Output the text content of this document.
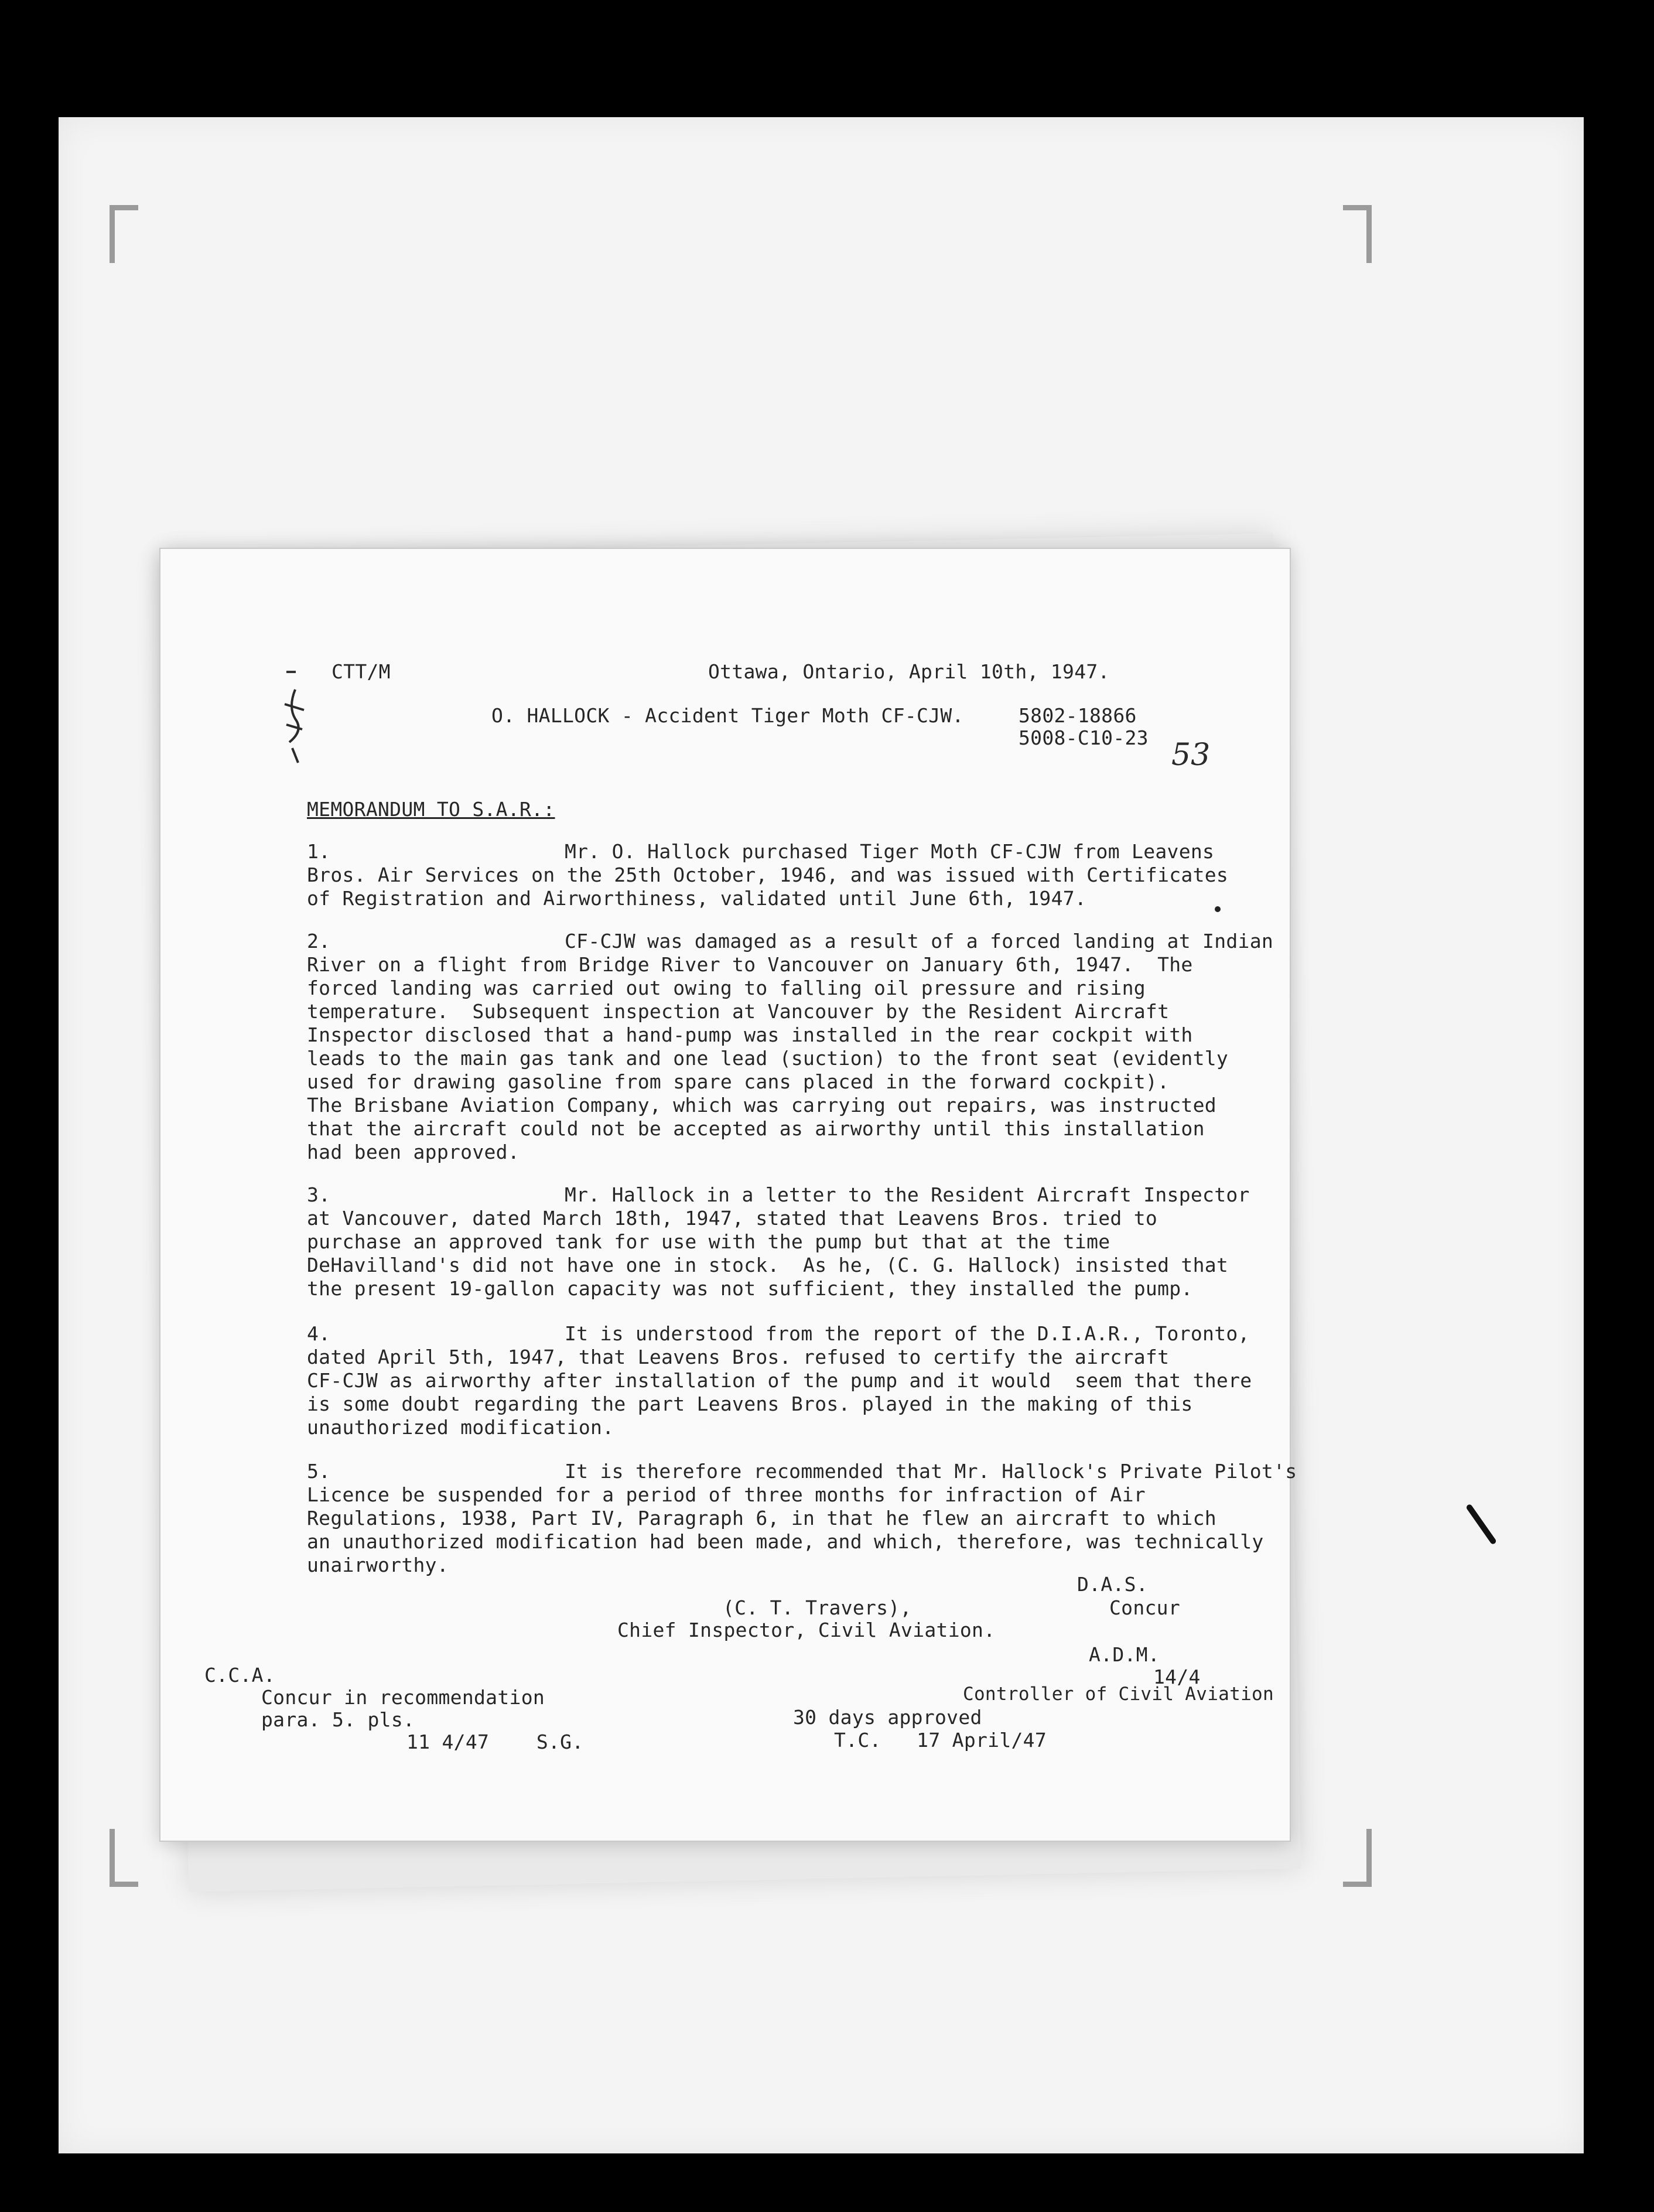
CTT/M	Ottawa, Ontario, April 10th, 1947.

O. HALLOCK - Accident Tiger Moth CF-CJW.	5802-18866

5008-C10-23 53

MEMORANDUM TO S.A.R.:

1.	Mr. O. Hallock purchased Tiger Moth CF-CJW from Leavens

Bros. Air Services on the 25th October, 1946, and was issued with Certificates

of Registration and Airworthiness, validated until June 6th, 1947.

2.	CF-CJW was damaged as a result of a forced landing at Indian

River on a flight from Bridge River to Vancouver on January 6th, 1947.  The

forced landing was carried out owing to falling oil pressure and rising

temperature.  Subsequent inspection at Vancouver by the Resident Aircraft

Inspector disclosed that a hand-pump was installed in the rear cockpit with

leads to the main gas tank and one lead (suction) to the front seat (evidently

used for drawing gasoline from spare cans placed in the forward cockpit).

The Brisbane Aviation Company, which was carrying out repairs, was instructed

that the aircraft could not be accepted as airworthy until this installation

had been approved.

3.	Mr. Hallock in a letter to the Resident Aircraft Inspector

at Vancouver, dated March 18th, 1947, stated that Leavens Bros. tried to

purchase an approved tank for use with the pump but that at the time

DeHavilland's did not have one in stock.  As he, (C. G. Hallock) insisted that

the present 19-gallon capacity was not sufficient, they installed the pump.

4.	It is understood from the report of the D.I.A.R., Toronto,

dated April 5th, 1947, that Leavens Bros. refused to certify the aircraft

CF-CJW as airworthy after installation of the pump and it would  seem that there

is some doubt regarding the part Leavens Bros. played in the making of this

unauthorized modification.

5.	It is therefore recommended that Mr. Hallock's Private Pilot's

Licence be suspended for a period of three months for infraction of Air

Regulations, 1938, Part IV, Paragraph 6, in that he flew an aircraft to which

an unauthorized modification had been made, and which, therefore, was technically

unairworthy.

D.A.S.

Concur

(C. T. Travers),

Chief Inspector, Civil Aviation.

A.D.M.

14/4

Controller of Civil Aviation

C.C.A.

Concur in recommendation

para. 5. pls.

11 4/47    S.G.

30 days approved

T.C.   17 April/47
